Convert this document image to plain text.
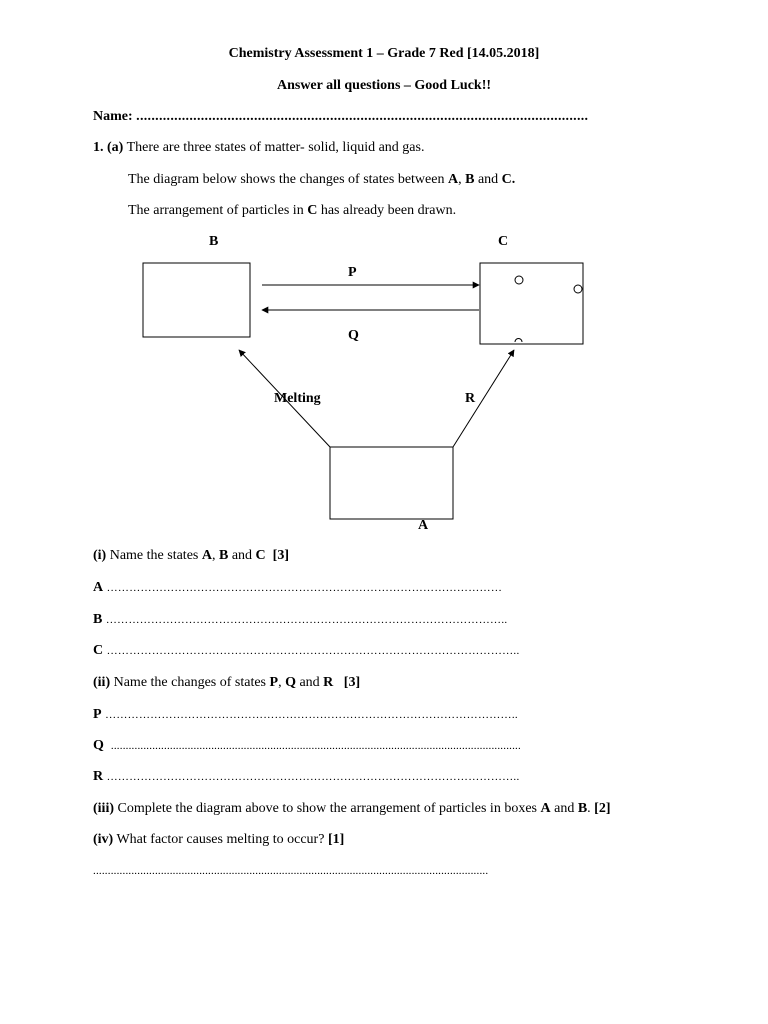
Chemistry Assessment 1 – Grade 7 Red [14.05.2018]
Answer all questions – Good Luck!!
Name: .......................................................................................................................
1. (a) There are three states of matter- solid, liquid and gas.
The diagram below shows the changes of states between A, B and C.
The arrangement of particles in C has already been drawn.
B	C
P
Q
Melting	R
A
(i) Name the states A, B and C [3]
A ……………………………………………………………………………………………
B ……………………………………………………………………………………………..
C ………………………………………………………………………………………………..
(ii) Name the changes of states P, Q and R [3]
P ………………………………………………………………………………………………..
Q ...........................................................................................................................................
R ………………………………………………………………………………………………..
(iii) Complete the diagram above to show the arrangement of particles in boxes A and B. [2]
(iv) What factor causes melting to occur? [1]
......................................................................................................................................
